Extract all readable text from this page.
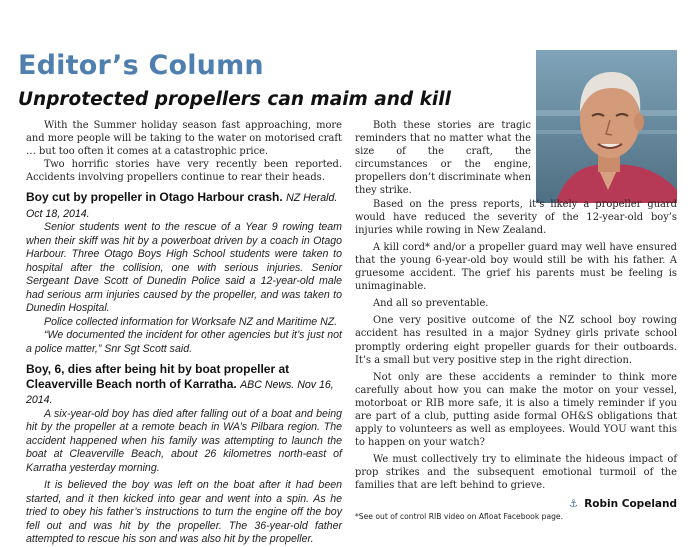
Editor’s Column
Unprotected propellers can maim and kill

With the Summer holiday season fast approaching, more and more people will be taking to the water on motorised craft … but too often it comes at a catastrophic price.

Two horrific stories have very recently been reported. Accidents involving propellers continue to rear their heads.

Boy cut by propeller in Otago Harbour crash. NZ Herald. Oct 18, 2014.

Senior students went to the rescue of a Year 9 rowing team when their skiff was hit by a powerboat driven by a coach in Otago Harbour. Three Otago Boys High School students were taken to hospital after the collision, one with serious injuries. Senior Sergeant Dave Scott of Dunedin Police said a 12-year-old male had serious arm injuries caused by the propeller, and was taken to Dunedin Hospital.

Police collected information for Worksafe NZ and Maritime NZ.

“We documented the incident for other agencies but it’s just not a police matter,” Snr Sgt Scott said.

Boy, 6, dies after being hit by boat propeller at Cleaverville Beach north of Karratha. ABC News. Nov 16, 2014.

A six-year-old boy has died after falling out of a boat and being hit by the propeller at a remote beach in WA’s Pilbara region. The accident happened when his family was attempting to launch the boat at Cleaverville Beach, about 26 kilometres north-east of Karratha yesterday morning.

It is believed the boy was left on the boat after it had been started, and it then kicked into gear and went into a spin. As he tried to obey his father’s instructions to turn the engine off the boy fell out and was hit by the propeller. The 36-year-old father attempted to rescue his son and was also hit by the propeller.

Both these stories are tragic reminders that no matter what the size of the craft, the circumstances or the engine, propellers don’t discriminate when they strike.

Based on the press reports, it’s likely a propeller guard would have reduced the severity of the 12-year-old boy’s injuries while rowing in New Zealand.

A kill cord* and/or a propeller guard may well have ensured that the young 6-year-old boy would still be with his father. A gruesome accident. The grief his parents must be feeling is unimaginable.

And all so preventable.

One very positive outcome of the NZ school boy rowing accident has resulted in a major Sydney girls private school promptly ordering eight propeller guards for their outboards. It’s a small but very positive step in the right direction.

Not only are these accidents a reminder to think more carefully about how you can make the motor on your vessel, motorboat or RIB more safe, it is also a timely reminder if you are part of a club, putting aside formal OH&S obligations that apply to volunteers as well as employees. Would YOU want this to happen on your watch?

We must collectively try to eliminate the hideous impact of prop strikes and the subsequent emotional turmoil of the families that are left behind to grieve.

⚓ Robin Copeland
*See out of control RIB video on Afloat Facebook page.
